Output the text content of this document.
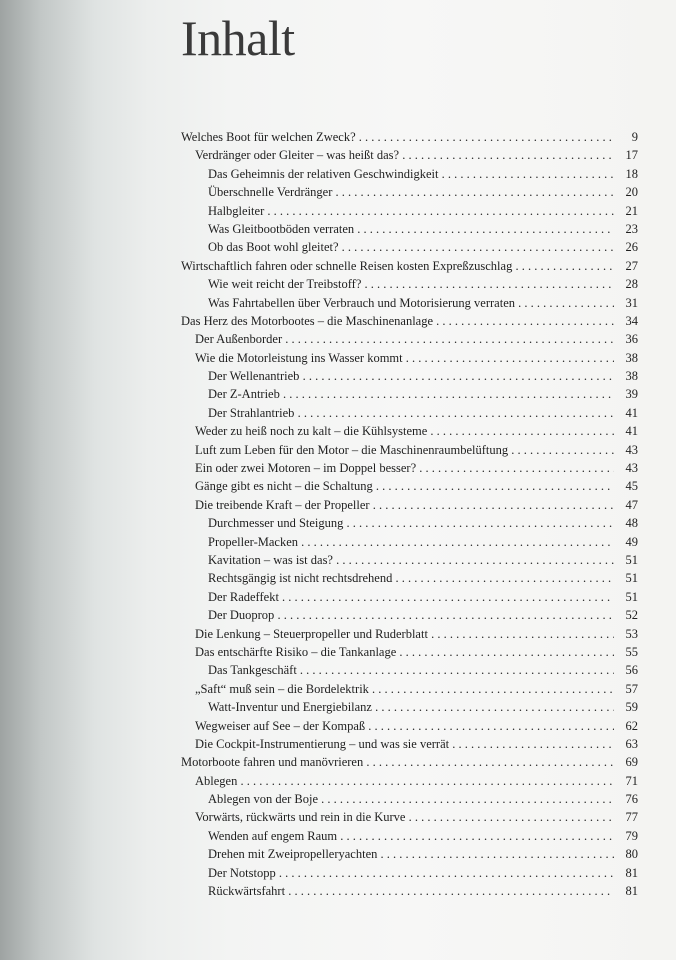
Inhalt
Welches Boot für welchen Zweck? . .	9
Verdränger oder Gleiter – was heißt das? . .	17
Das Geheimnis der relativen Geschwindigkeit . .	18
Überschnelle Verdränger . .	20
Halbgleiter . .	21
Was Gleitbootböden verraten . .	23
Ob das Boot wohl gleitet? . .	26
Wirtschaftlich fahren oder schnelle Reisen kosten Expreßzuschlag . .	27
Wie weit reicht der Treibstoff? . .	28
Was Fahrtabellen über Verbrauch und Motorisierung verraten . .	31
Das Herz des Motorbootes – die Maschinenanlage . .	34
Der Außenborder . .	36
Wie die Motorleistung ins Wasser kommt . .	38
Der Wellenantrieb . .	38
Der Z-Antrieb . .	39
Der Strahlantrieb . .	41
Weder zu heiß noch zu kalt – die Kühlsysteme . .	41
Luft zum Leben für den Motor – die Maschinenraumbelüftung . .	43
Ein oder zwei Motoren – im Doppel besser? . .	43
Gänge gibt es nicht – die Schaltung . .	45
Die treibende Kraft – der Propeller . .	47
Durchmesser und Steigung . .	48
Propeller-Macken . .	49
Kavitation – was ist das? . .	51
Rechtsgängig ist nicht rechtsdrehend . .	51
Der Radeffekt . .	51
Der Duoprop . .	52
Die Lenkung – Steuerpropeller und Ruderblatt . .	53
Das entschärfte Risiko – die Tankanlage . .	55
Das Tankgeschäft . .	56
„Saft“ muß sein – die Bordelektrik . .	57
Watt-Inventur und Energiebilanz . .	59
Wegweiser auf See – der Kompaß . .	62
Die Cockpit-Instrumentierung – und was sie verrät . .	63
Motorboote fahren und manövrieren . .	69
Ablegen . .	71
Ablegen von der Boje . .	76
Vorwärts, rückwärts und rein in die Kurve . .	77
Wenden auf engem Raum . .	79
Drehen mit Zweipropelleryachten . .	80
Der Notstopp . .	81
Rückwärtsfahrt . .	81
